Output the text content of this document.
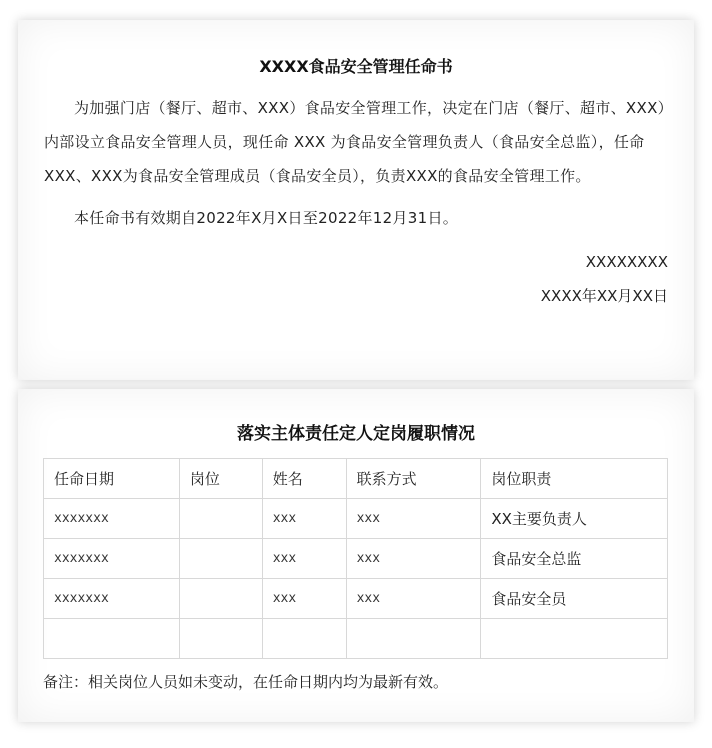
XXXX食品安全管理任命书

为加强门店（餐厅、超市、XXX）食品安全管理工作，决定在门店（餐厅、超市、XXX）内部设立食品安全管理人员，现任命 XXX 为食品安全管理负责人（食品安全总监），任命XXX、XXX为食品安全管理成员（食品安全员），负责XXX的食品安全管理工作。

本任命书有效期自2022年X月X日至2022年12月31日。

XXXXXXXX
XXXX年XX月XX日
落实主体责任定人定岗履职情况
任命日期	岗位	姓名	联系方式	岗位职责
xxxxxxx		xxx	xxx	XX主要负责人
xxxxxxx		xxx	xxx	食品安全总监
xxxxxxx		xxx	xxx	食品安全员

备注：相关岗位人员如未变动，在任命日期内均为最新有效。
